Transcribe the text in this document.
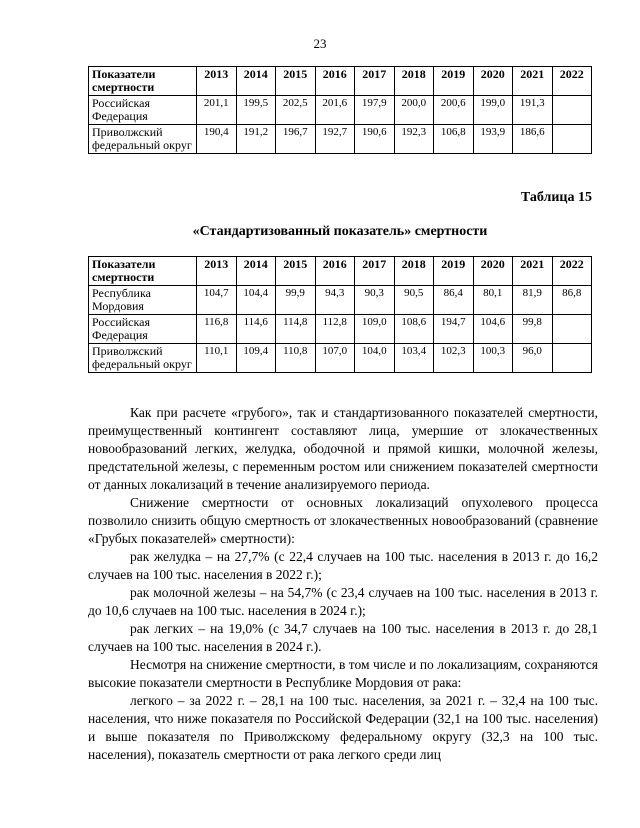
23
Показатели смертности	2013	2014	2015	2016	2017	2018	2019	2020	2021	2022
Российская Федерация	201,1	199,5	202,5	201,6	197,9	200,0	200,6	199,0	191,3	
Приволжский федеральный округ	190,4	191,2	196,7	192,7	190,6	192,3	106,8	193,9	186,6	
Таблица 15
«Стандартизованный показатель» смертности
Показатели смертности	2013	2014	2015	2016	2017	2018	2019	2020	2021	2022
Республика Мордовия	104,7	104,4	99,9	94,3	90,3	90,5	86,4	80,1	81,9	86,8
Российская Федерация	116,8	114,6	114,8	112,8	109,0	108,6	194,7	104,6	99,8	
Приволжский федеральный округ	110,1	109,4	110,8	107,0	104,0	103,4	102,3	100,3	96,0	

Как при расчете «грубого», так и стандартизованного показателей смертности, преимущественный контингент составляют лица, умершие от злокачественных новообразований легких, желудка, ободочной и прямой кишки, молочной железы, предстательной железы, с переменным ростом или снижением показателей смертности от данных локализаций в течение анализируемого периода.

Снижение смертности от основных локализаций опухолевого процесса позволило снизить общую смертность от злокачественных новообразований (сравнение «Грубых показателей» смертности):

рак желудка – на 27,7% (с 22,4 случаев на 100 тыс. населения в 2013 г. до 16,2 случаев на 100 тыс. населения в 2022 г.);

рак молочной железы – на 54,7% (с 23,4 случаев на 100 тыс. населения в 2013 г. до 10,6 случаев на 100 тыс. населения в 2024 г.);

рак легких – на 19,0% (с 34,7 случаев на 100 тыс. населения в 2013 г. до 28,1 случаев на 100 тыс. населения в 2024 г.).

Несмотря на снижение смертности, в том числе и по локализациям, сохраняются высокие показатели смертности в Республике Мордовия от рака:

легкого – за 2022 г. – 28,1 на 100 тыс. населения, за 2021 г. – 32,4 на 100 тыс. населения, что ниже показателя по Российской Федерации (32,1 на 100 тыс. населения) и выше показателя по Приволжскому федеральному округу (32,3 на 100 тыс. населения), показатель смертности от рака легкого среди лиц
